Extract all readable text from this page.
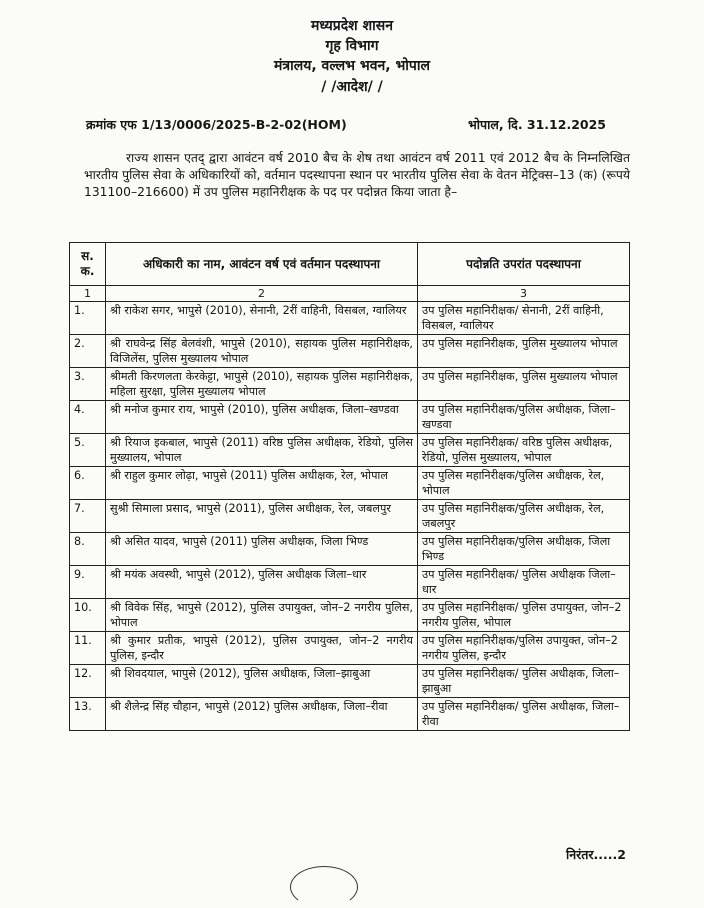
मध्यप्रदेश शासन
गृह विभाग
मंत्रालय, वल्लभ भवन, भोपाल
/ /आदेश/ /
क्रमांक एफ 1/13/0006/2025-B-2-02(HOM)	भोपाल, दि. 31.12.2025
राज्य शासन एतद् द्वारा आवंटन वर्ष 2010 बैच के शेष तथा आवंटन वर्ष 2011 एवं 2012 बैच के निम्नलिखित भारतीय पुलिस सेवा के अधिकारियों को, वर्तमान पदस्थापना स्थान पर भारतीय पुलिस सेवा के वेतन मेट्रिक्स–13 (क) (रूपये 131100–216600) में उप पुलिस महानिरीक्षक के पद पर पदोन्नत किया जाता है–
स. क.	अधिकारी का नाम, आवंटन वर्ष एवं वर्तमान पदस्थापना	पदोन्नति उपरांत पदस्थापना
1	2	3
1.	श्री राकेश सगर, भापुसे (2010), सेनानी, 2रीं वाहिनी, विसबल, ग्वालियर	उप पुलिस महानिरीक्षक/ सेनानी, 2रीं वाहिनी, विसबल, ग्वालियर
2.	श्री राघवेन्द्र सिंह बेलवंशी, भापुसे (2010), सहायक पुलिस महानिरीक्षक, विजिलेंस, पुलिस मुख्यालय भोपाल	उप पुलिस महानिरीक्षक, पुलिस मुख्यालय भोपाल
3.	श्रीमती किरणलता केरकेट्टा, भापुसे (2010), सहायक पुलिस महानिरीक्षक, महिला सुरक्षा, पुलिस मुख्यालय भोपाल	उप पुलिस महानिरीक्षक, पुलिस मुख्यालय भोपाल
4.	श्री मनोज कुमार राय, भापुसे (2010), पुलिस अधीक्षक, जिला–खण्डवा	उप पुलिस महानिरीक्षक/पुलिस अधीक्षक, जिला–खण्डवा
5.	श्री रियाज इकबाल, भापुसे (2011) वरिष्ठ पुलिस अधीक्षक, रेडियो, पुलिस मुख्यालय, भोपाल	उप पुलिस महानिरीक्षक/ वरिष्ठ पुलिस अधीक्षक, रेडियो, पुलिस मुख्यालय, भोपाल
6.	श्री राहुल कुमार लोढ़ा, भापुसे (2011) पुलिस अधीक्षक, रेल, भोपाल	उप पुलिस महानिरीक्षक/पुलिस अधीक्षक, रेल, भोपाल
7.	सुश्री सिमाला प्रसाद, भापुसे (2011), पुलिस अधीक्षक, रेल, जबलपुर	उप पुलिस महानिरीक्षक/पुलिस अधीक्षक, रेल, जबलपुर
8.	श्री असित यादव, भापुसे (2011) पुलिस अधीक्षक, जिला भिण्ड	उप पुलिस महानिरीक्षक/पुलिस अधीक्षक, जिला भिण्ड
9.	श्री मयंक अवस्थी, भापुसे (2012), पुलिस अधीक्षक जिला–धार	उप पुलिस महानिरीक्षक/ पुलिस अधीक्षक जिला–धार
10.	श्री विवेक सिंह, भापुसे (2012), पुलिस उपायुक्त, जोन–2 नगरीय पुलिस, भोपाल	उप पुलिस महानिरीक्षक/ पुलिस उपायुक्त, जोन–2 नगरीय पुलिस, भोपाल
11.	श्री कुमार प्रतीक, भापुसे (2012), पुलिस उपायुक्त, जोन–2 नगरीय पुलिस, इन्दौर	उप पुलिस महानिरीक्षक/पुलिस उपायुक्त, जोन–2 नगरीय पुलिस, इन्दौर
12.	श्री शिवदयाल, भापुसे (2012), पुलिस अधीक्षक, जिला–झाबुआ	उप पुलिस महानिरीक्षक/ पुलिस अधीक्षक, जिला–झाबुआ
13.	श्री शैलेन्द्र सिंह चौहान, भापुसे (2012) पुलिस अधीक्षक, जिला–रीवा	उप पुलिस महानिरीक्षक/ पुलिस अधीक्षक, जिला–रीवा
निरंतर.....2
